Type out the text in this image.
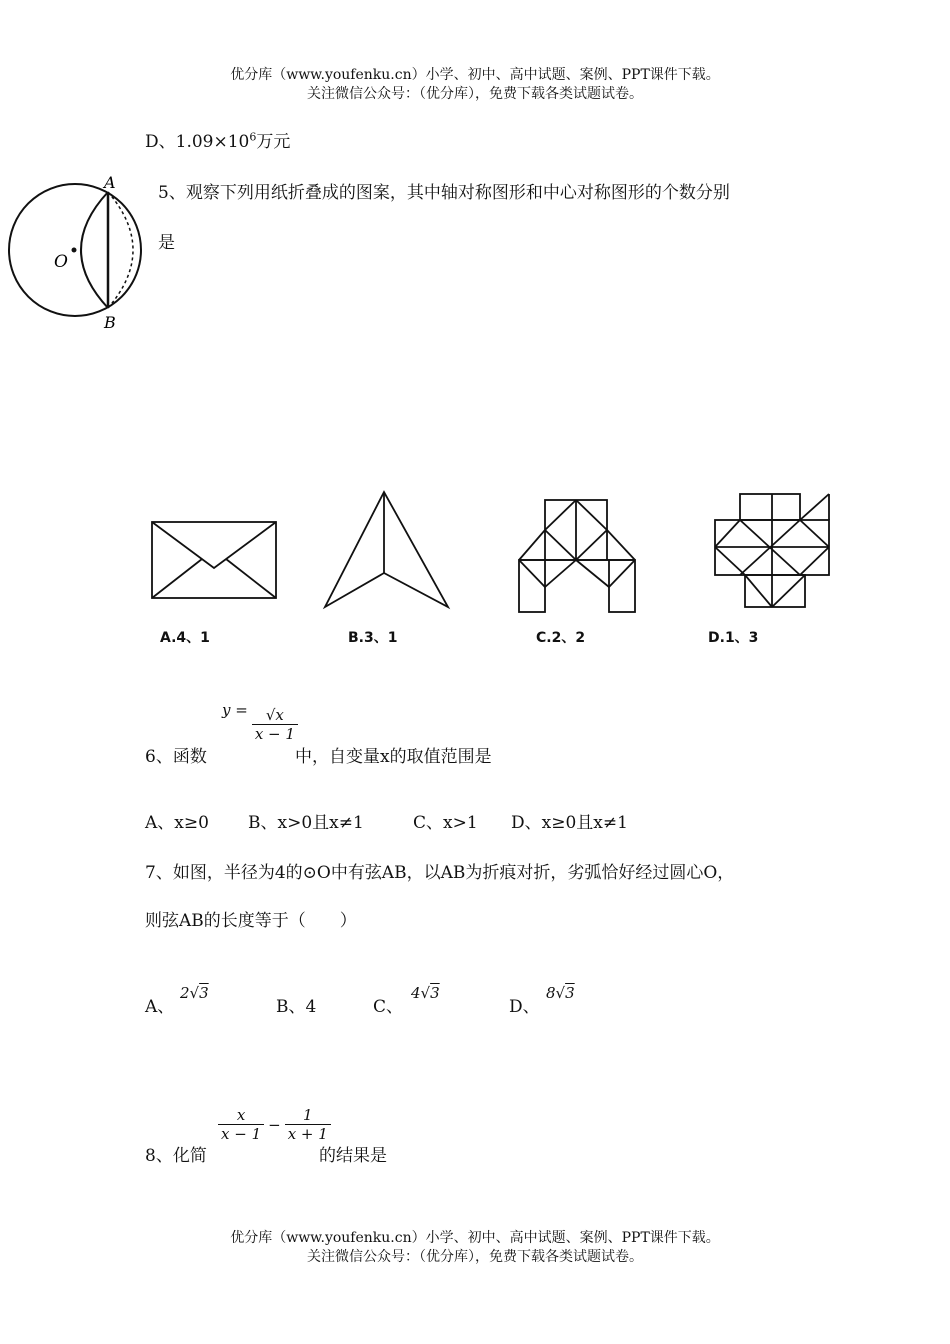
优分库（www.youfenku.cn）小学、初中、高中试题、案例、PPT课件下载。
关注微信公众号：（优分库），免费下载各类试题试卷。
D、$1.09\times 10^6$万元
A
O
B
5、观察下列用纸折叠成的图案，其中轴对称图形和中心对称图形的个数分别
是
A.4、1	B.3、1	C.2、2	D.1、3
6、函数
$y = \frac{√x}{x - 1}$
中，自变量x的取值范围是
A、x≥0 B、x>0且x≠1	C、x>1 D、x≥0且x≠1
7、如图，半径为4的⊙O中有弦AB，以AB为折痕对折，劣弧恰好经过圆心O，
则弦AB的长度等于（　　）
A、
2√3
B、4	C、
4√3
D、
8√3
8、化简
$\frac{x}{x - 1} - \frac{1}{x + 1}$
的结果是
优分库（www.youfenku.cn）小学、初中、高中试题、案例、PPT课件下载。
关注微信公众号：（优分库），免费下载各类试题试卷。
